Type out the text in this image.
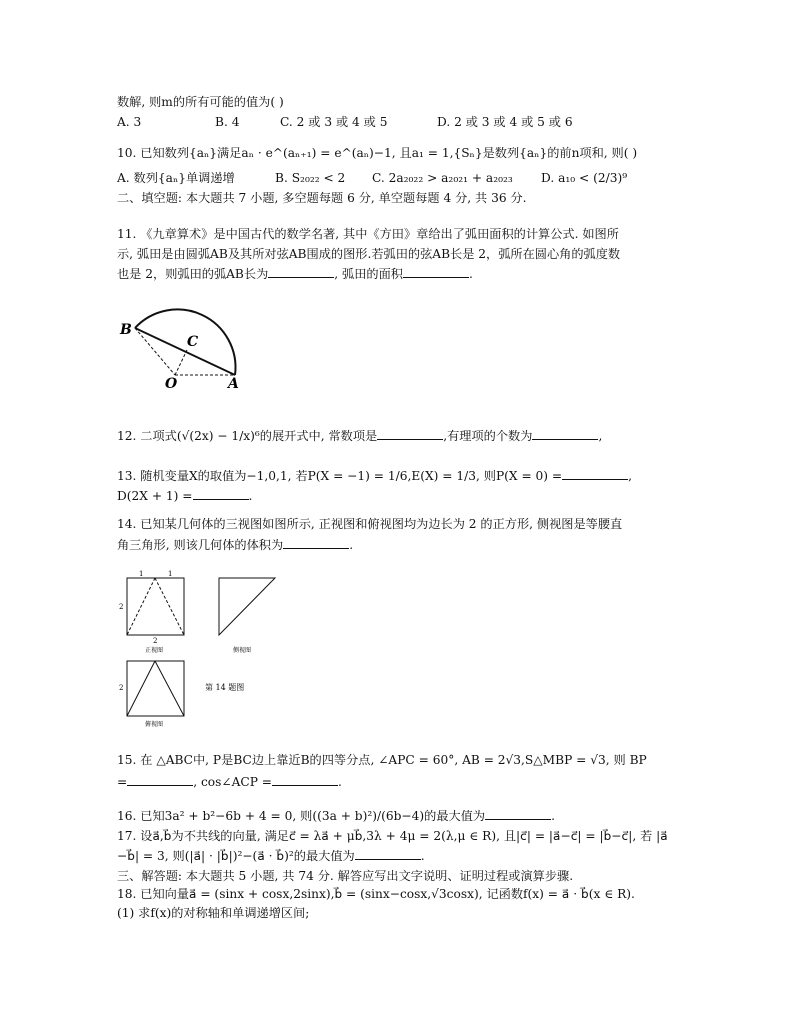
数解, 则m的所有可能的值为( )
A. 3	B. 4	C. 2 或 3 或 4 或 5	D. 2 或 3 或 4 或 5 或 6
10. 已知数列{aₙ}满足aₙ · e^(aₙ₊₁) = e^(aₙ)−1, 且a₁ = 1,{Sₙ}是数列{aₙ}的前n项和, 则( )
A. 数列{aₙ}单调递增	B. S₂₀₂₂ < 2 C. 2a₂₀₂₂ > a₂₀₂₁ + a₂₀₂₃ D. a₁₀ < (2/3)⁹
二、填空题: 本大题共 7 小题, 多空题每题 6 分, 单空题每题 4 分, 共 36 分.
11. 《九章算术》是中国古代的数学名著, 其中《方田》章给出了弧田面积的计算公式. 如图所
示, 弧田是由圆弧AB及其所对弦AB围成的图形.若弧田的弦AB长是 2，弧所在圆心角的弧度数
也是 2，则弧田的弧AB长为	, 弧田的面积	.
B
C
O	A
12. 二项式(√(2x) − 1/x)⁶的展开式中, 常数项是	,有理项的个数为	,
13. 随机变量X的取值为−1,0,1, 若P(X = −1) = 1/6,E(X) = 1/3, 则P(X = 0) =	,
D(2X + 1) =	.
14. 已知某几何体的三视图如图所示, 正视图和俯视图均为边长为 2 的正方形, 侧视图是等腰直
角三角形, 则该几何体的体积为	.
1	1
2
2
正视图	侧视图
2
俯视图
第 14 题图
15. 在 △ABC中, P是BC边上靠近B的四等分点, ∠APC = 60°, AB = 2√3,S△MBP = √3, 则 BP
=	, cos∠ACP =	.
16. 已知3a² + b²−6b + 4 = 0, 则((3a + b)²)/(6b−4)的最大值为	.
17. 设a⃗,b⃗为不共线的向量, 满足c⃗ = λa⃗ + μb⃗,3λ + 4μ = 2(λ,μ ∈ R), 且|c⃗| = |a⃗−c⃗| = |b⃗−c⃗|, 若 |a⃗
−b⃗| = 3, 则(|a⃗| · |b⃗|)²−(a⃗ · b⃗)²的最大值为	.
三、解答题: 本大题共 5 小题, 共 74 分. 解答应写出文字说明、证明过程或演算步骤.
18. 已知向量a⃗ = (sinx + cosx,2sinx),b⃗ = (sinx−cosx,√3cosx), 记函数f(x) = a⃗ · b⃗(x ∈ R).
(1) 求f(x)的对称轴和单调递增区间;
